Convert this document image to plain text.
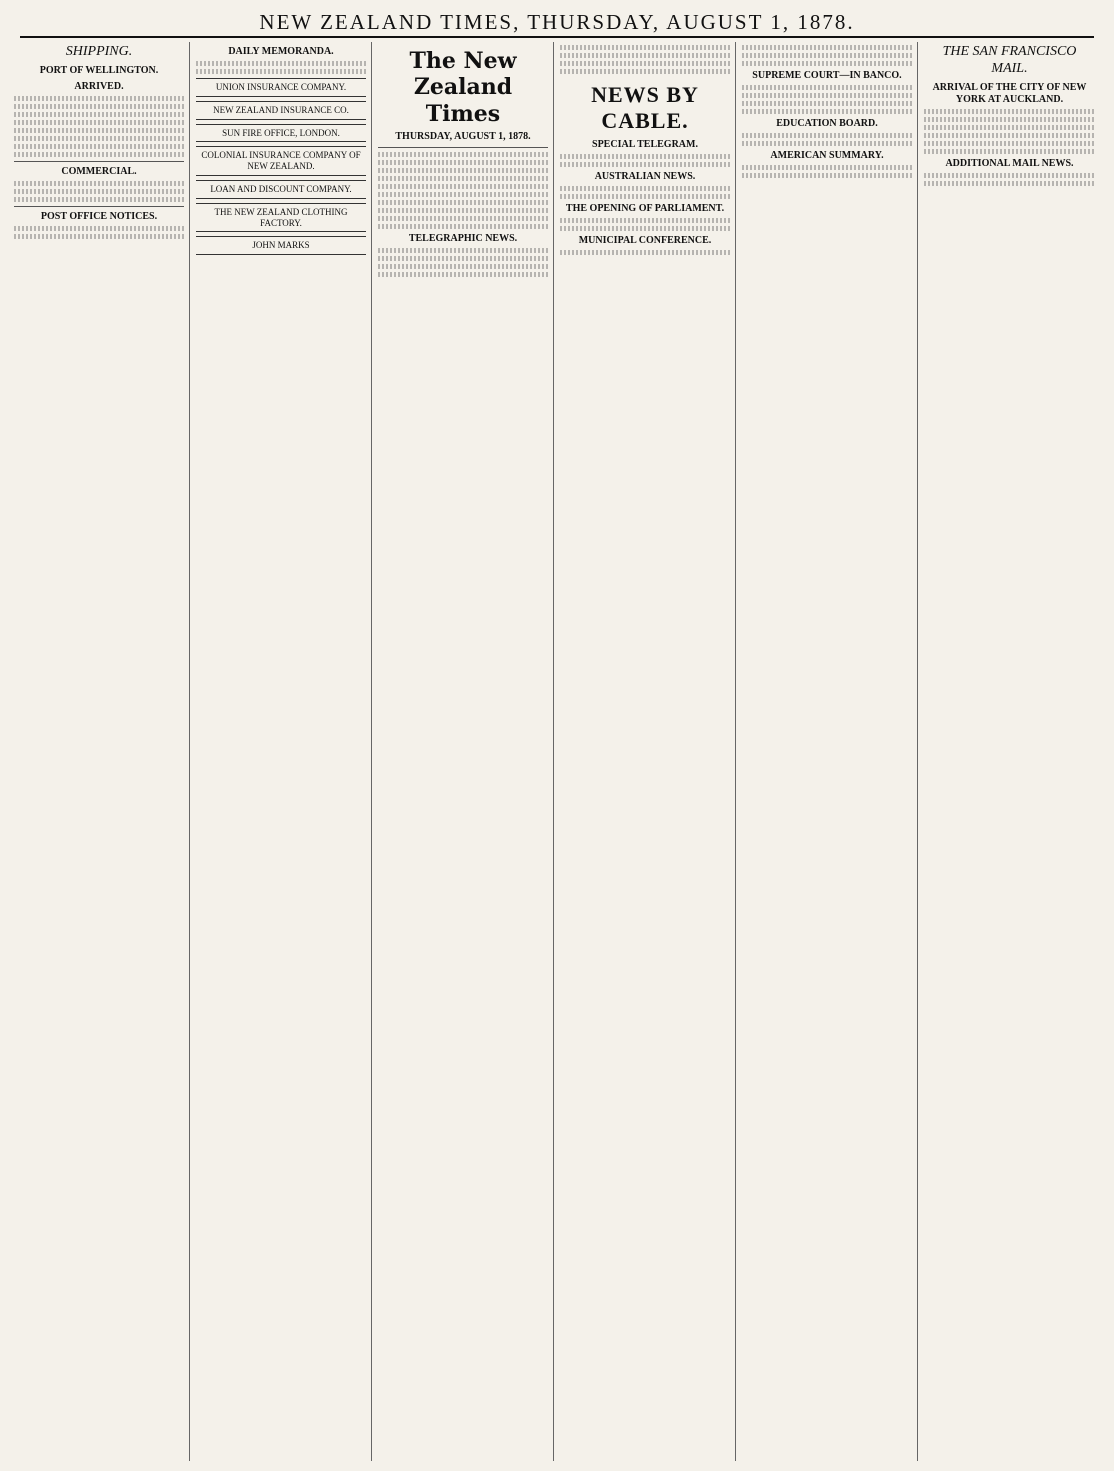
NEW ZEALAND TIMES, THURSDAY, AUGUST 1, 1878.
SHIPPING.
PORT OF WELLINGTON.
ARRIVED.
COMMERCIAL.
POST OFFICE NOTICES.
DAILY MEMORANDA.
UNION INSURANCE COMPANY.
NEW ZEALAND INSURANCE CO.
SUN FIRE OFFICE, LONDON.
COLONIAL INSURANCE COMPANY OF NEW ZEALAND.
LOAN AND DISCOUNT COMPANY.
THE NEW ZEALAND CLOTHING FACTORY.
JOHN MARKS
The New Zealand Times
THURSDAY, AUGUST 1, 1878.
TELEGRAPHIC NEWS.
NEWS BY CABLE.
SPECIAL TELEGRAM.
AUSTRALIAN NEWS.
THE OPENING OF PARLIAMENT.
MUNICIPAL CONFERENCE.
SUPREME COURT—IN BANCO.
EDUCATION BOARD.
AMERICAN SUMMARY.
THE SAN FRANCISCO MAIL.
ARRIVAL OF THE CITY OF NEW YORK AT AUCKLAND.
ADDITIONAL MAIL NEWS.
